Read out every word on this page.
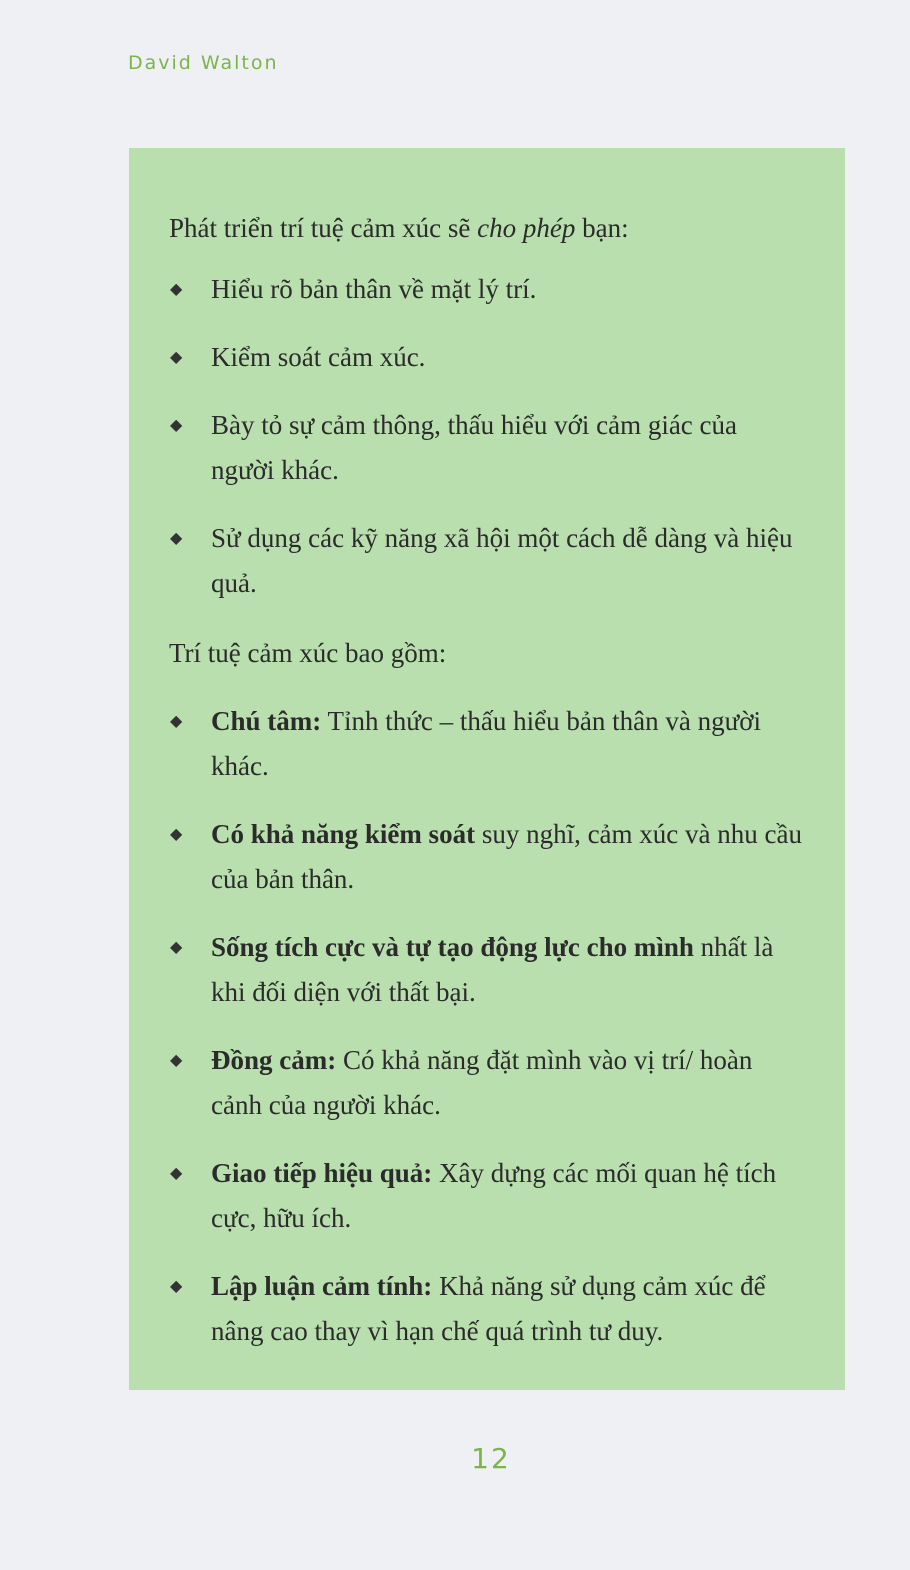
David Walton

Phát triển trí tuệ cảm xúc sẽ cho phép bạn:

◆ Hiểu rõ bản thân về mặt lý trí.
◆ Kiểm soát cảm xúc.
◆ Bày tỏ sự cảm thông, thấu hiểu với cảm giác của người khác.
◆ Sử dụng các kỹ năng xã hội một cách dễ dàng và hiệu quả.

Trí tuệ cảm xúc bao gồm:

◆ Chú tâm: Tỉnh thức – thấu hiểu bản thân và người khác.
◆ Có khả năng kiểm soát suy nghĩ, cảm xúc và nhu cầu của bản thân.
◆ Sống tích cực và tự tạo động lực cho mình nhất là khi đối diện với thất bại.
◆ Đồng cảm: Có khả năng đặt mình vào vị trí/ hoàn cảnh của người khác.
◆ Giao tiếp hiệu quả: Xây dựng các mối quan hệ tích cực, hữu ích.
◆ Lập luận cảm tính: Khả năng sử dụng cảm xúc để nâng cao thay vì hạn chế quá trình tư duy.
12
